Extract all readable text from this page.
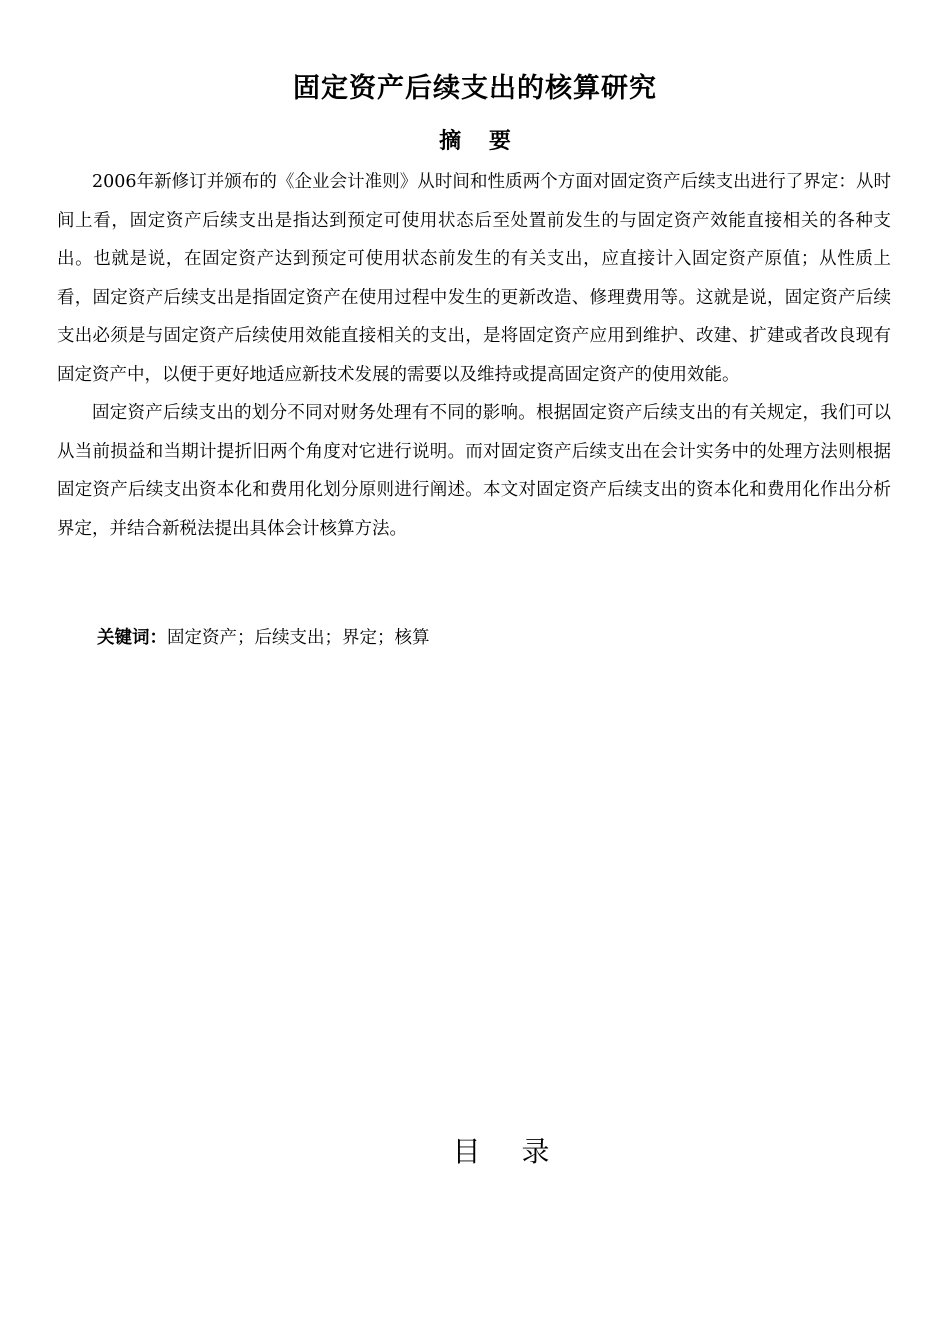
固定资产后续支出的核算研究
摘 要

2006年新修订并颁布的《企业会计准则》从时间和性质两个方面对固定资产后续支出进行了界定：从时间上看，固定资产后续支出是指达到预定可使用状态后至处置前发生的与固定资产效能直接相关的各种支出。也就是说，在固定资产达到预定可使用状态前发生的有关支出，应直接计入固定资产原值；从性质上看，固定资产后续支出是指固定资产在使用过程中发生的更新改造、修理费用等。这就是说，固定资产后续支出必须是与固定资产后续使用效能直接相关的支出，是将固定资产应用到维护、改建、扩建或者改良现有固定资产中，以便于更好地适应新技术发展的需要以及维持或提高固定资产的使用效能。

固定资产后续支出的划分不同对财务处理有不同的影响。根据固定资产后续支出的有关规定，我们可以从当前损益和当期计提折旧两个角度对它进行说明。而对固定资产后续支出在会计实务中的处理方法则根据固定资产后续支出资本化和费用化划分原则进行阐述。本文对固定资产后续支出的资本化和费用化作出分析界定，并结合新税法提出具体会计核算方法。

关键词：固定资产；后续支出；界定；核算

目 录
